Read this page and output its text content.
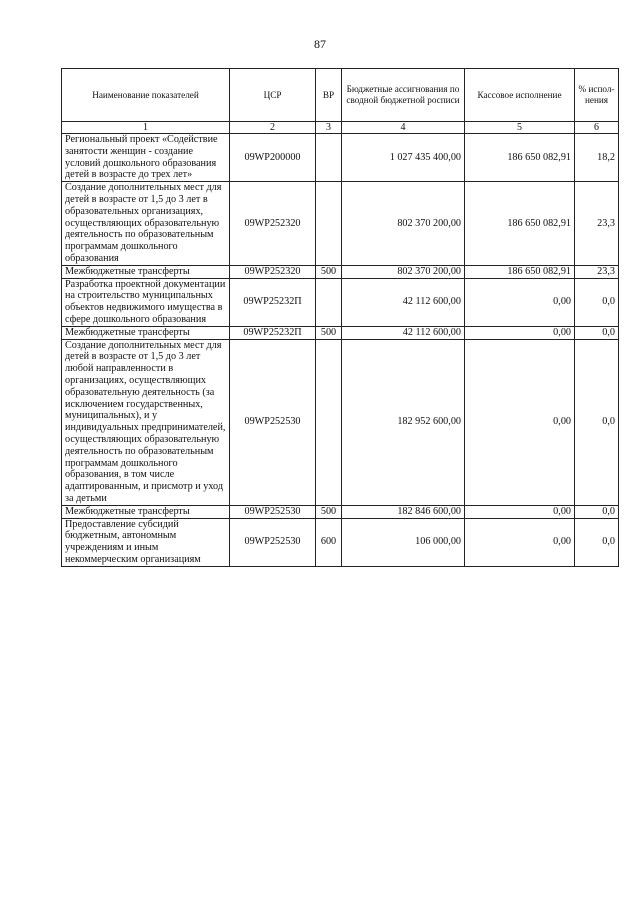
87
Наименование показателей	ЦСР	ВР	Бюджетные ассигнования по сводной бюджетной росписи	Кассовое исполнение	% испол-нения
1	2	3	4	5	6
Региональный проект «Содействие занятости женщин - создание условий дошкольного образования детей в возрасте до трех лет»	09WP200000		1 027 435 400,00	186 650 082,91	18,2
Создание дополнительных мест для детей в возрасте от 1,5 до 3 лет в образовательных организациях, осуществляющих образовательную деятельность по образовательным программам дошкольного образования	09WP252320		802 370 200,00	186 650 082,91	23,3
Межбюджетные трансферты	09WP252320	500	802 370 200,00	186 650 082,91	23,3
Разработка проектной документации на строительство муниципальных объектов недвижимого имущества в сфере дошкольного образования	09WP25232П		42 112 600,00	0,00	0,0
Межбюджетные трансферты	09WP25232П	500	42 112 600,00	0,00	0,0
Создание дополнительных мест для детей в возрасте от 1,5 до 3 лет любой направленности в организациях, осуществляющих образовательную деятельность (за исключением государственных, муниципальных), и у индивидуальных предпринимателей, осуществляющих образовательную деятельность по образовательным программам дошкольного образования, в том числе адаптированным, и присмотр и уход за детьми	09WP252530		182 952 600,00	0,00	0,0
Межбюджетные трансферты	09WP252530	500	182 846 600,00	0,00	0,0
Предоставление субсидий бюджетным, автономным учреждениям и иным некоммерческим организациям	09WP252530	600	106 000,00	0,00	0,0
